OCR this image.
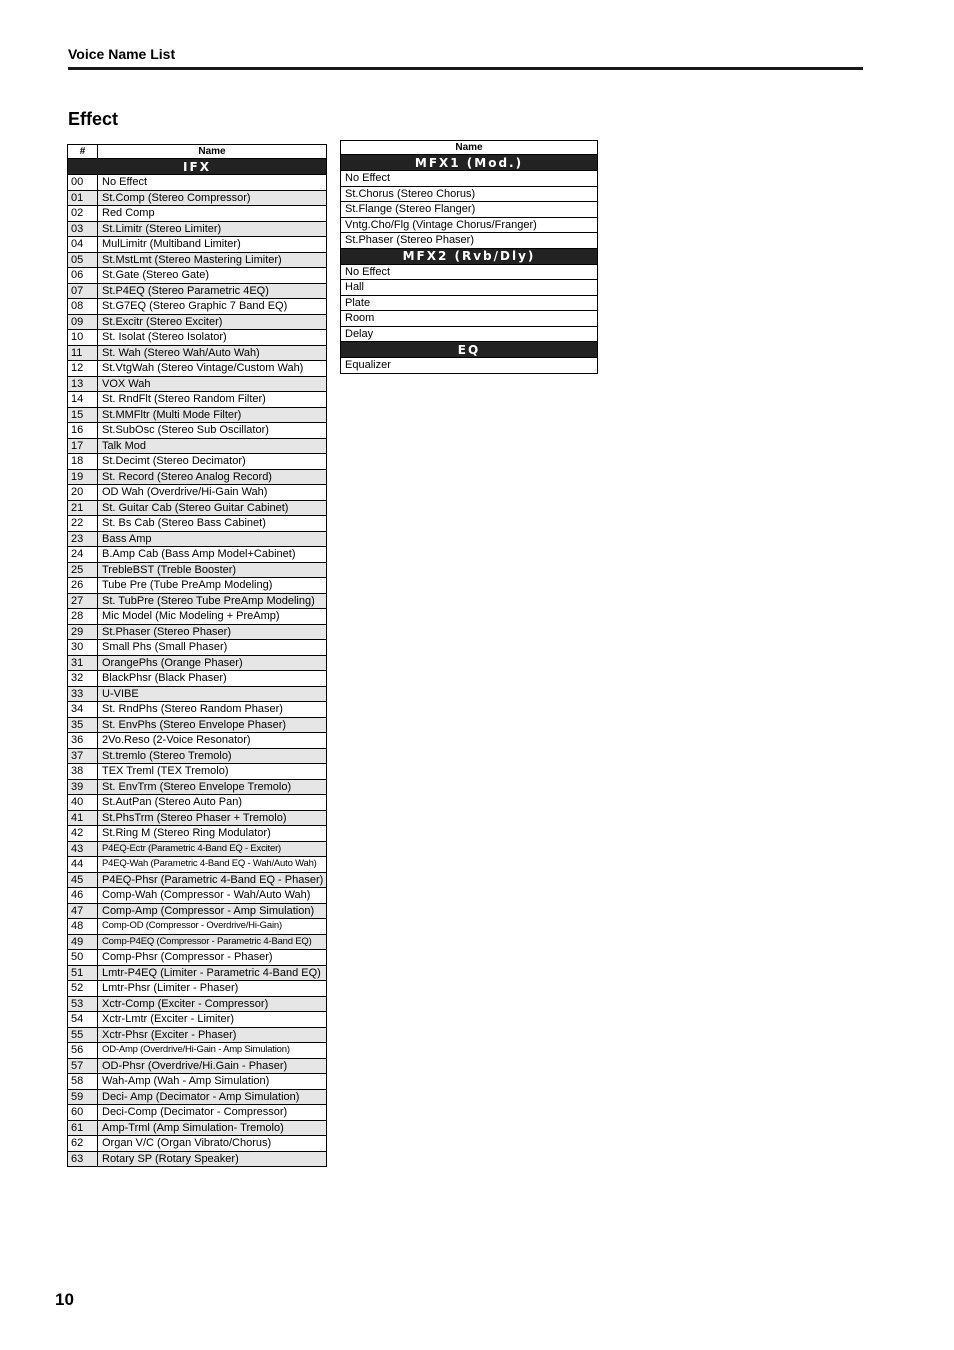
Voice Name List
Effect
#	Name
IFX	
00	No Effect
01	St.Comp (Stereo Compressor)
02	Red Comp
03	St.Limitr (Stereo Limiter)
04	MulLimitr (Multiband Limiter)
05	St.MstLmt (Stereo Mastering Limiter)
06	St.Gate (Stereo Gate)
07	St.P4EQ (Stereo Parametric 4EQ)
08	St.G7EQ (Stereo Graphic 7 Band EQ)
09	St.Excitr (Stereo Exciter)
10	St. Isolat (Stereo Isolator)
11	St. Wah (Stereo Wah/Auto Wah)
12	St.VtgWah (Stereo Vintage/Custom Wah)
13	VOX Wah
14	St. RndFlt (Stereo Random Filter)
15	St.MMFltr (Multi Mode Filter)
16	St.SubOsc (Stereo Sub Oscillator)
17	Talk Mod
18	St.Decimt (Stereo Decimator)
19	St. Record (Stereo Analog Record)
20	OD Wah (Overdrive/Hi-Gain Wah)
21	St. Guitar Cab (Stereo Guitar Cabinet)
22	St. Bs Cab (Stereo Bass Cabinet)
23	Bass Amp
24	B.Amp Cab (Bass Amp Model+Cabinet)
25	TrebleBST (Treble Booster)
26	Tube Pre (Tube PreAmp Modeling)
27	St. TubPre (Stereo Tube PreAmp Modeling)
28	Mic Model (Mic Modeling + PreAmp)
29	St.Phaser (Stereo Phaser)
30	Small Phs (Small Phaser)
31	OrangePhs (Orange Phaser)
32	BlackPhsr (Black Phaser)
33	U-VIBE
34	St. RndPhs (Stereo Random Phaser)
35	St. EnvPhs (Stereo Envelope Phaser)
36	2Vo.Reso (2-Voice Resonator)
37	St.tremlo (Stereo Tremolo)
38	TEX Treml (TEX Tremolo)
39	St. EnvTrm (Stereo Envelope Tremolo)
40	St.AutPan (Stereo Auto Pan)
41	St.PhsTrm (Stereo Phaser + Tremolo)
42	St.Ring M (Stereo Ring Modulator)
43	P4EQ-Ectr (Parametric 4-Band EQ - Exciter)
44	P4EQ-Wah (Parametric 4-Band EQ - Wah/Auto Wah)
45	P4EQ-Phsr (Parametric 4-Band EQ - Phaser)
46	Comp-Wah (Compressor - Wah/Auto Wah)
47	Comp-Amp (Compressor - Amp Simulation)
48	Comp-OD (Compressor - Overdrive/Hi-Gain)
49	Comp-P4EQ (Compressor - Parametric 4-Band EQ)
50	Comp-Phsr (Compressor - Phaser)
51	Lmtr-P4EQ (Limiter - Parametric 4-Band EQ)
52	Lmtr-Phsr (Limiter - Phaser)
53	Xctr-Comp (Exciter - Compressor)
54	Xctr-Lmtr (Exciter - Limiter)
55	Xctr-Phsr (Exciter - Phaser)
56	OD-Amp (Overdrive/Hi-Gain - Amp Simulation)
57	OD-Phsr (Overdrive/Hi.Gain - Phaser)
58	Wah-Amp (Wah - Amp Simulation)
59	Deci- Amp (Decimator - Amp Simulation)
60	Deci-Comp (Decimator - Compressor)
61	Amp-Trml (Amp Simulation- Tremolo)
62	Organ V/C (Organ Vibrato/Chorus)
63	Rotary SP (Rotary Speaker)
Name
MFX1 (Mod.)
No Effect
St.Chorus (Stereo Chorus)
St.Flange (Stereo Flanger)
Vntg.Cho/Flg (Vintage Chorus/Franger)
St.Phaser (Stereo Phaser)
MFX2 (Rvb/Dly)
No Effect
Hall
Plate
Room
Delay
EQ
Equalizer
10
